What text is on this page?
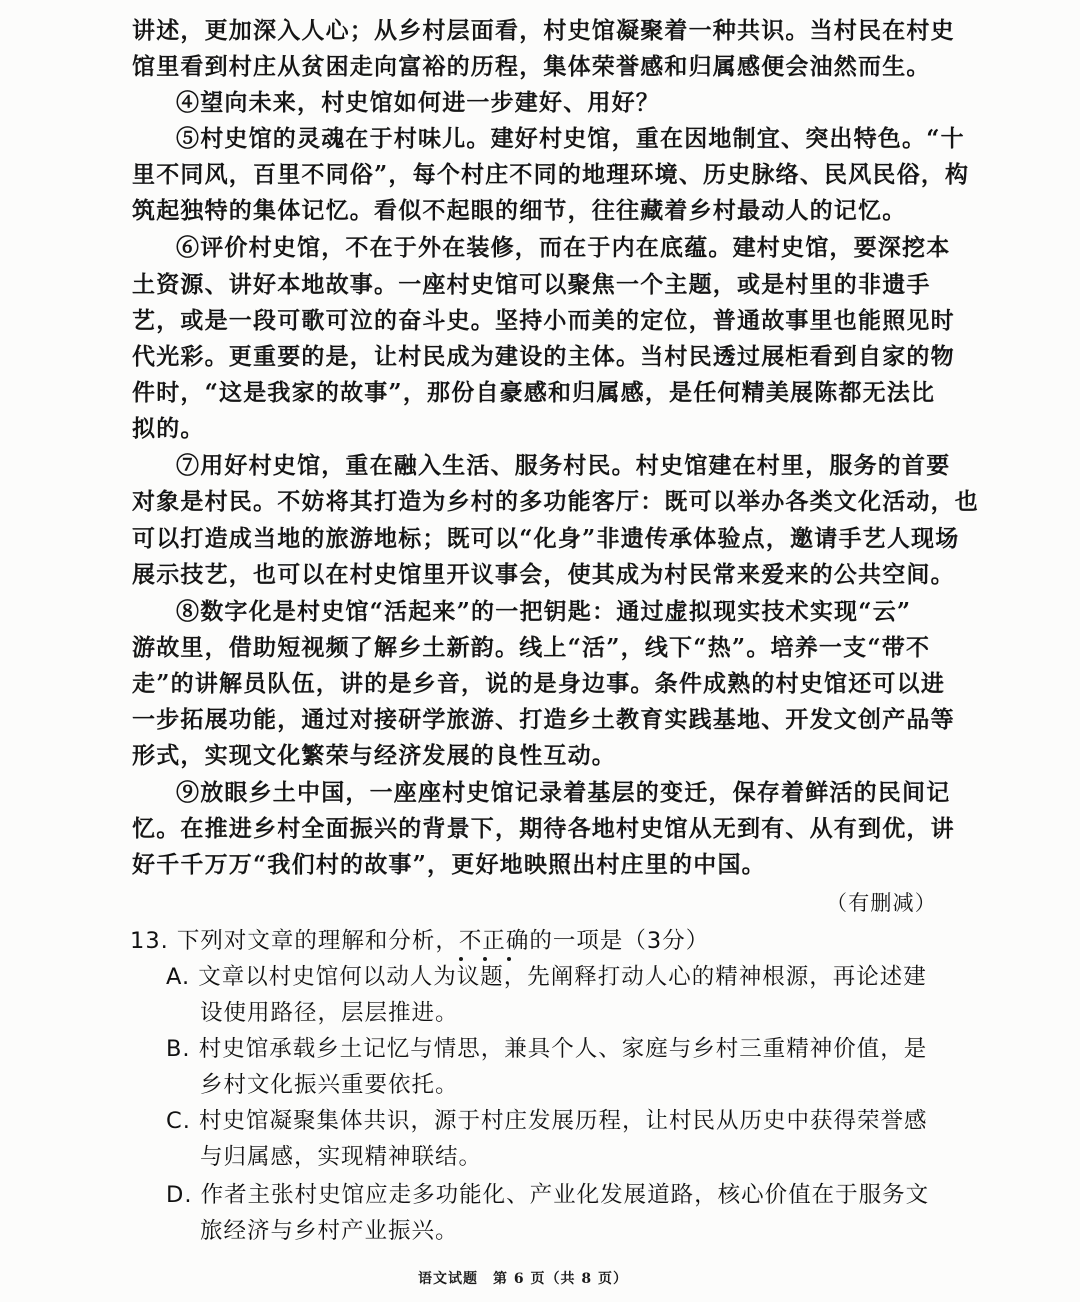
讲述，更加深入人心；从乡村层面看，村史馆凝聚着一种共识。当村民在村史
馆里看到村庄从贫困走向富裕的历程，集体荣誉感和归属感便会油然而生。
④望向未来，村史馆如何进一步建好、用好？
⑤村史馆的灵魂在于村味儿。建好村史馆，重在因地制宜、突出特色。“十
里不同风，百里不同俗”，每个村庄不同的地理环境、历史脉络、民风民俗，构
筑起独特的集体记忆。看似不起眼的细节，往往藏着乡村最动人的记忆。
⑥评价村史馆，不在于外在装修，而在于内在底蕴。建村史馆，要深挖本
土资源、讲好本地故事。一座村史馆可以聚焦一个主题，或是村里的非遗手
艺，或是一段可歌可泣的奋斗史。坚持小而美的定位，普通故事里也能照见时
代光彩。更重要的是，让村民成为建设的主体。当村民透过展柜看到自家的物
件时，“这是我家的故事”，那份自豪感和归属感，是任何精美展陈都无法比
拟的。
⑦用好村史馆，重在融入生活、服务村民。村史馆建在村里，服务的首要
对象是村民。不妨将其打造为乡村的多功能客厅：既可以举办各类文化活动，也
可以打造成当地的旅游地标；既可以“化身”非遗传承体验点，邀请手艺人现场
展示技艺，也可以在村史馆里开议事会，使其成为村民常来爱来的公共空间。
⑧数字化是村史馆“活起来”的一把钥匙：通过虚拟现实技术实现“云”
游故里，借助短视频了解乡土新韵。线上“活”，线下“热”。培养一支“带不
走”的讲解员队伍，讲的是乡音，说的是身边事。条件成熟的村史馆还可以进
一步拓展功能，通过对接研学旅游、打造乡土教育实践基地、开发文创产品等
形式，实现文化繁荣与经济发展的良性互动。
⑨放眼乡土中国，一座座村史馆记录着基层的变迁，保存着鲜活的民间记
忆。在推进乡村全面振兴的背景下，期待各地村史馆从无到有、从有到优，讲
好千千万万“我们村的故事”，更好地映照出村庄里的中国。
（有删减）
13. 下列对文章的理解和分析，不正确的一项是（3分）
A. 文章以村史馆何以动人为议题，先阐释打动人心的精神根源，再论述建
设使用路径，层层推进。
B. 村史馆承载乡土记忆与情思，兼具个人、家庭与乡村三重精神价值，是
乡村文化振兴重要依托。
C. 村史馆凝聚集体共识，源于村庄发展历程，让村民从历史中获得荣誉感
与归属感，实现精神联结。
D. 作者主张村史馆应走多功能化、产业化发展道路，核心价值在于服务文
旅经济与乡村产业振兴。
语文试题　第 6 页（共 8 页）
